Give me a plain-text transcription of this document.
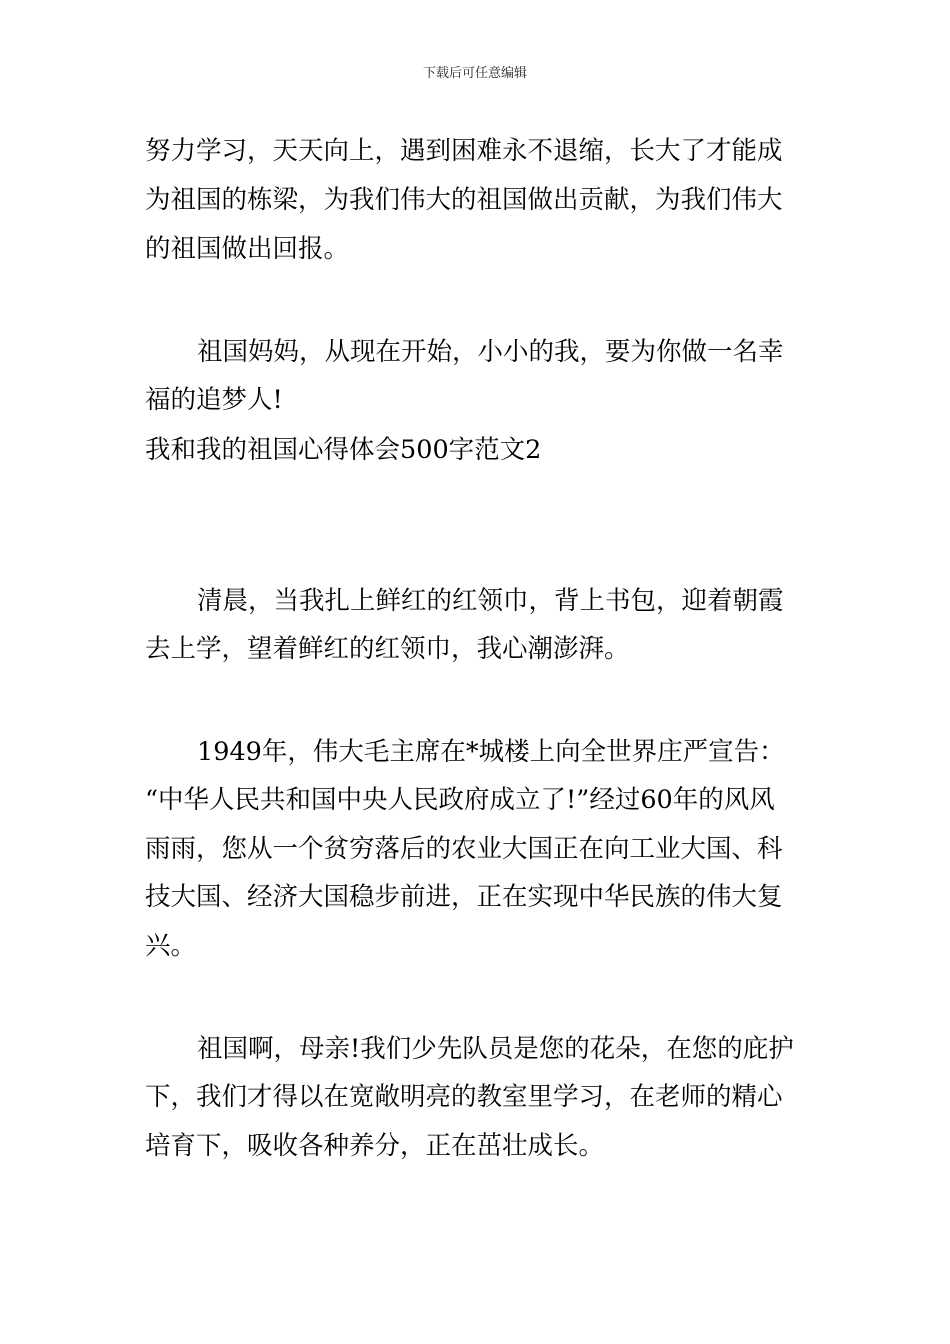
下载后可任意编辑
努力学习，天天向上，遇到困难永不退缩，长大了才能成
为祖国的栋梁，为我们伟大的祖国做出贡献，为我们伟大
的祖国做出回报。
祖国妈妈，从现在开始，小小的我，要为你做一名幸
福的追梦人!
我和我的祖国心得体会500字范文2
清晨，当我扎上鲜红的红领巾，背上书包，迎着朝霞
去上学，望着鲜红的红领巾，我心潮澎湃。
1949年，伟大毛主席在*城楼上向全世界庄严宣告：
“中华人民共和国中央人民政府成立了!”经过60年的风风
雨雨，您从一个贫穷落后的农业大国正在向工业大国、科
技大国、经济大国稳步前进，正在实现中华民族的伟大复
兴。
祖国啊，母亲!我们少先队员是您的花朵，在您的庇护
下，我们才得以在宽敞明亮的教室里学习，在老师的精心
培育下，吸收各种养分，正在茁壮成长。
